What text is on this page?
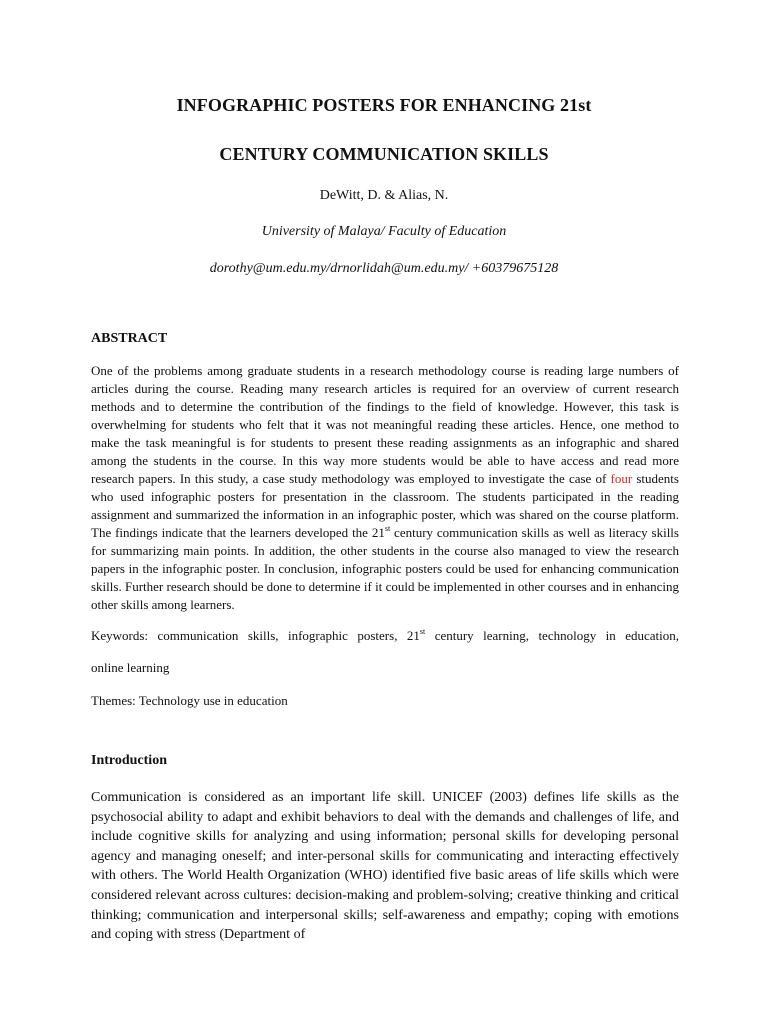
INFOGRAPHIC POSTERS FOR ENHANCING 21st
CENTURY COMMUNICATION SKILLS
DeWitt, D. & Alias, N.
University of Malaya/ Faculty of Education
dorothy@um.edu.my/drnorlidah@um.edu.my/ +60379675128
ABSTRACT
One of the problems among graduate students in a research methodology course is reading large numbers of articles during the course. Reading many research articles is required for an overview of current research methods and to determine the contribution of the findings to the field of knowledge. However, this task is overwhelming for students who felt that it was not meaningful reading these articles. Hence, one method to make the task meaningful is for students to present these reading assignments as an infographic and shared among the students in the course. In this way more students would be able to have access and read more research papers. In this study, a case study methodology was employed to investigate the case of four students who used infographic posters for presentation in the classroom. The students participated in the reading assignment and summarized the information in an infographic poster, which was shared on the course platform. The findings indicate that the learners developed the 21st century communication skills as well as literacy skills for summarizing main points. In addition, the other students in the course also managed to view the research papers in the infographic poster. In conclusion, infographic posters could be used for enhancing communication skills. Further research should be done to determine if it could be implemented in other courses and in enhancing other skills among learners.
Keywords: communication skills, infographic posters, 21st century learning, technology in education,
online learning
Themes: Technology use in education
Introduction
Communication is considered as an important life skill. UNICEF (2003) defines life skills as the psychosocial ability to adapt and exhibit behaviors to deal with the demands and challenges of life, and include cognitive skills for analyzing and using information; personal skills for developing personal agency and managing oneself; and inter-personal skills for communicating and interacting effectively with others. The World Health Organization (WHO) identified five basic areas of life skills which were considered relevant across cultures: decision-making and problem-solving; creative thinking and critical thinking; communication and interpersonal skills; self-awareness and empathy; coping with emotions and coping with stress (Department of
